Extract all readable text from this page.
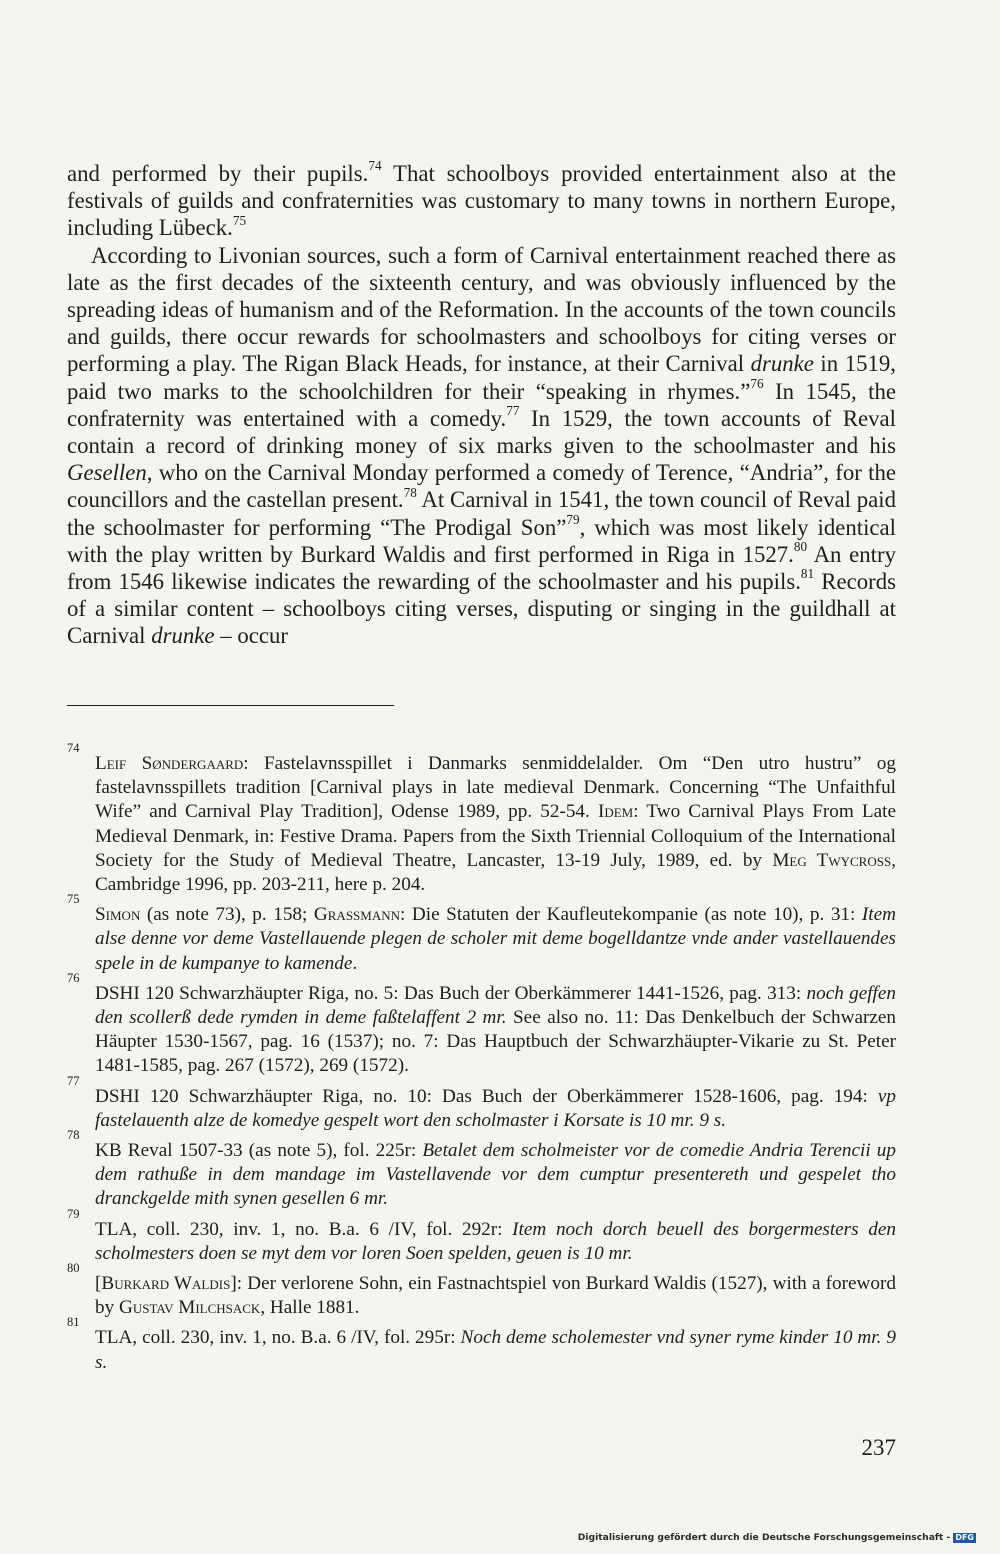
and performed by their pupils.$^{74}$ That schoolboys provided entertainment also at the festivals of guilds and confraternities was customary to many towns in northern Europe, including Lübeck.$^{75}$

According to Livonian sources, such a form of Carnival entertainment reached there as late as the first decades of the sixteenth century, and was obviously influenced by the spreading ideas of humanism and of the Reformation. In the accounts of the town councils and guilds, there occur rewards for schoolmasters and schoolboys for citing verses or performing a play. The Rigan Black Heads, for instance, at their Carnival drunke in 1519, paid two marks to the schoolchildren for their “speaking in rhymes.”$^{76}$ In 1545, the confraternity was entertained with a comedy.$^{77}$ In 1529, the town accounts of Reval contain a record of drinking money of six marks given to the schoolmaster and his Gesellen, who on the Carnival Monday performed a comedy of Terence, “Andria”, for the councillors and the castellan present.$^{78}$ At Carnival in 1541, the town council of Reval paid the schoolmaster for performing “The Prodigal Son”$^{79}$, which was most likely identical with the play written by Burkard Waldis and first performed in Riga in 1527.80 An entry from 1546 likewise indicates the rewarding of the schoolmaster and his pupils.$^{81}$ Records of a similar content – schoolboys citing verses, disputing or singing in the guildhall at Carnival drunke – occur

74
Leif Søndergaard: Fastelavnsspillet i Danmarks senmiddelalder. Om “Den utro hustru” og fastelavnsspillets tradition [Carnival plays in late medieval Denmark. Concerning “The Unfaithful Wife” and Carnival Play Tradition], Odense 1989, pp. 52-54. Idem: Two Carnival Plays From Late Medieval Denmark, in: Festive Drama. Papers from the Sixth Triennial Colloquium of the International Society for the Study of Medieval Theatre, Lancaster, 13-19 July, 1989, ed. by Meg Twycross, Cambridge 1996, pp. 203-211, here p. 204.
75
Simon (as note 73), p. 158; Grassmann: Die Statuten der Kaufleutekompanie (as note 10), p. 31: Item alse denne vor deme Vastellauende plegen de scholer mit deme bogelldantze vnde ander vastellauendes spele in de kumpanye to kamende.
76
DSHI 120 Schwarzhäupter Riga, no. 5: Das Buch der Oberkämmerer 1441-1526, pag. 313: noch geffen den scollerß dede rymden in deme faßtelaffent 2 mr. See also no. 11: Das Denkelbuch der Schwarzen Häupter 1530-1567, pag. 16 (1537); no. 7: Das Hauptbuch der Schwarzhäupter-Vikarie zu St. Peter 1481-1585, pag. 267 (1572), 269 (1572).
77
DSHI 120 Schwarzhäupter Riga, no. 10: Das Buch der Oberkämmerer 1528-1606, pag. 194: vp fastelauenth alze de komedye gespelt wort den scholmaster i Korsate is 10 mr. 9 s.
78
KB Reval 1507-33 (as note 5), fol. 225r: Betalet dem scholmeister vor de comedie Andria Terencii up dem rathuße in dem mandage im Vastellavende vor dem cumptur presentereth und gespelet tho dranckgelde mith synen gesellen 6 mr.
79
TLA, coll. 230, inv. 1, no. B.a. 6 /IV, fol. 292r: Item noch dorch beuell des borgermesters den scholmesters doen se myt dem vor loren Soen spelden, geuen is 10 mr.
80
[Burkard Waldis]: Der verlorene Sohn, ein Fastnachtspiel von Burkard Waldis (1527), with a foreword by Gustav Milchsack, Halle 1881.
81
TLA, coll. 230, inv. 1, no. B.a. 6 /IV, fol. 295r: Noch deme scholemester vnd syner ryme kinder 10 mr. 9 s.
237
Digitalisierung gefördert durch die Deutsche Forschungsgemeinschaft - DFG
